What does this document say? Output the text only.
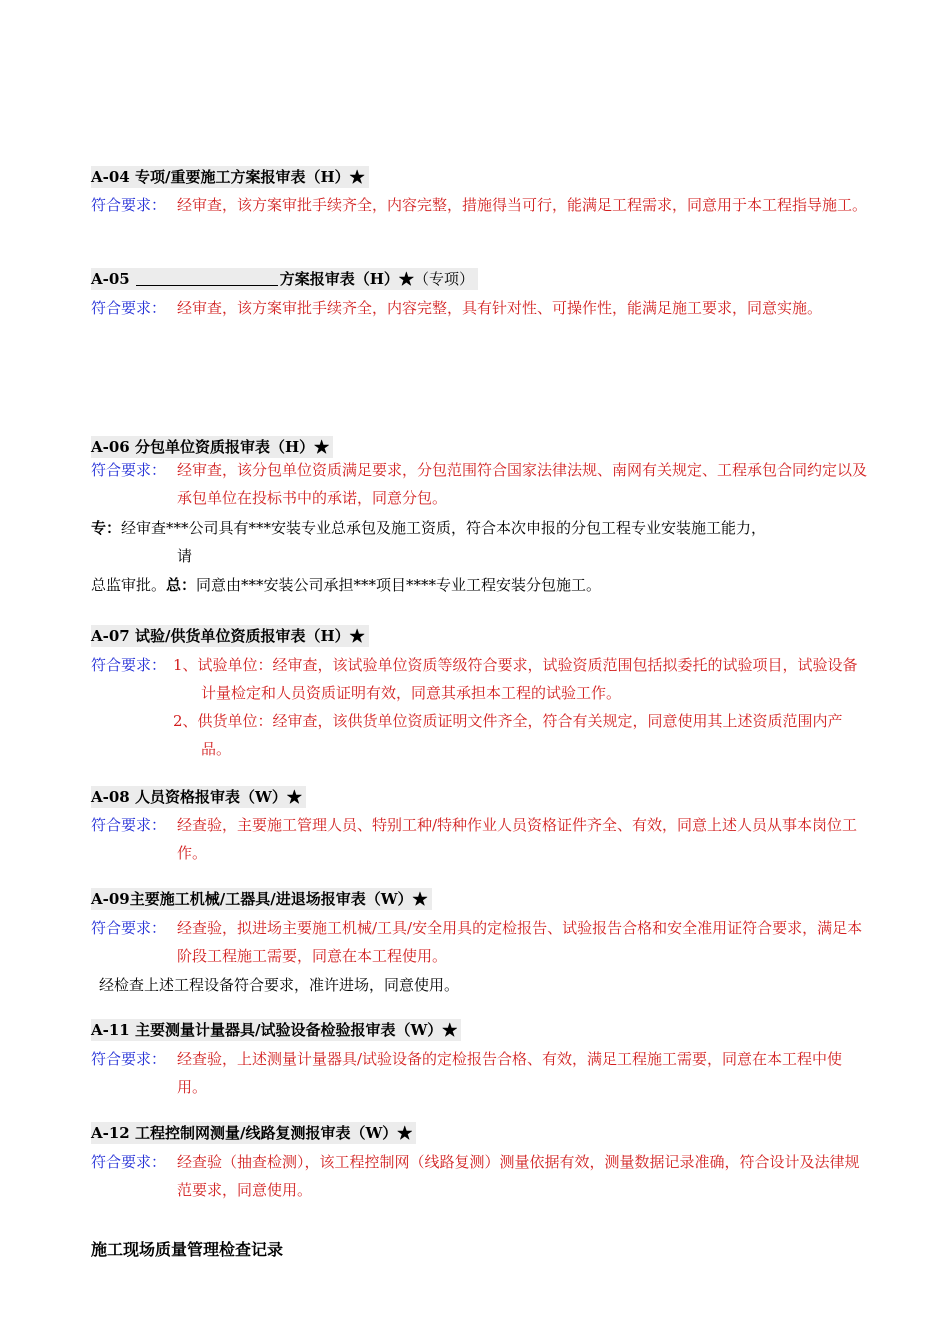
A-04 专项/重要施工方案报审表（H）★
符合要求： 经审查，该方案审批手续齐全，内容完整，措施得当可行，能满足工程需求，同意用于本工程指导施工。
A-05	方案报审表（H）★（专项）
符合要求： 经审查，该方案审批手续齐全，内容完整，具有针对性、可操作性，能满足施工要求，同意实施。
A-06 分包单位资质报审表（H）★
符合要求： 经审查，该分包单位资质满足要求，分包范围符合国家法律法规、南网有关规定、工程承包合同约定以及承包单位在投标书中的承诺，同意分包。
专：经审查***公司具有***安装专业总承包及施工资质，符合本次申报的分包工程专业安装施工能力，
请
总监审批。总：同意由***安装公司承担***项目****专业工程安装分包施工。
A-07 试验/供货单位资质报审表（H）★
符合要求： 1、试验单位：经审查，该试验单位资质等级符合要求，试验资质范围包括拟委托的试验项目，试验设备计量检定和人员资质证明有效，同意其承担本工程的试验工作。
2、供货单位：经审查，该供货单位资质证明文件齐全，符合有关规定，同意使用其上述资质范围内产品。
A-08 人员资格报审表（W）★
符合要求： 经查验，主要施工管理人员、特别工种/特种作业人员资格证件齐全、有效，同意上述人员从事本岗位工作。
A-09主要施工机械/工器具/进退场报审表（W）★
符合要求： 经查验，拟进场主要施工机械/工具/安全用具的定检报告、试验报告合格和安全准用证符合要求，满足本阶段工程施工需要，同意在本工程使用。
经检查上述工程设备符合要求，准许进场，同意使用。
A-11 主要测量计量器具/试验设备检验报审表（W）★
符合要求： 经查验，上述测量计量器具/试验设备的定检报告合格、有效，满足工程施工需要，同意在本工程中使用。
A-12 工程控制网测量/线路复测报审表（W）★
符合要求： 经查验（抽查检测），该工程控制网（线路复测）测量依据有效，测量数据记录准确，符合设计及法律规范要求，同意使用。
施工现场质量管理检查记录
